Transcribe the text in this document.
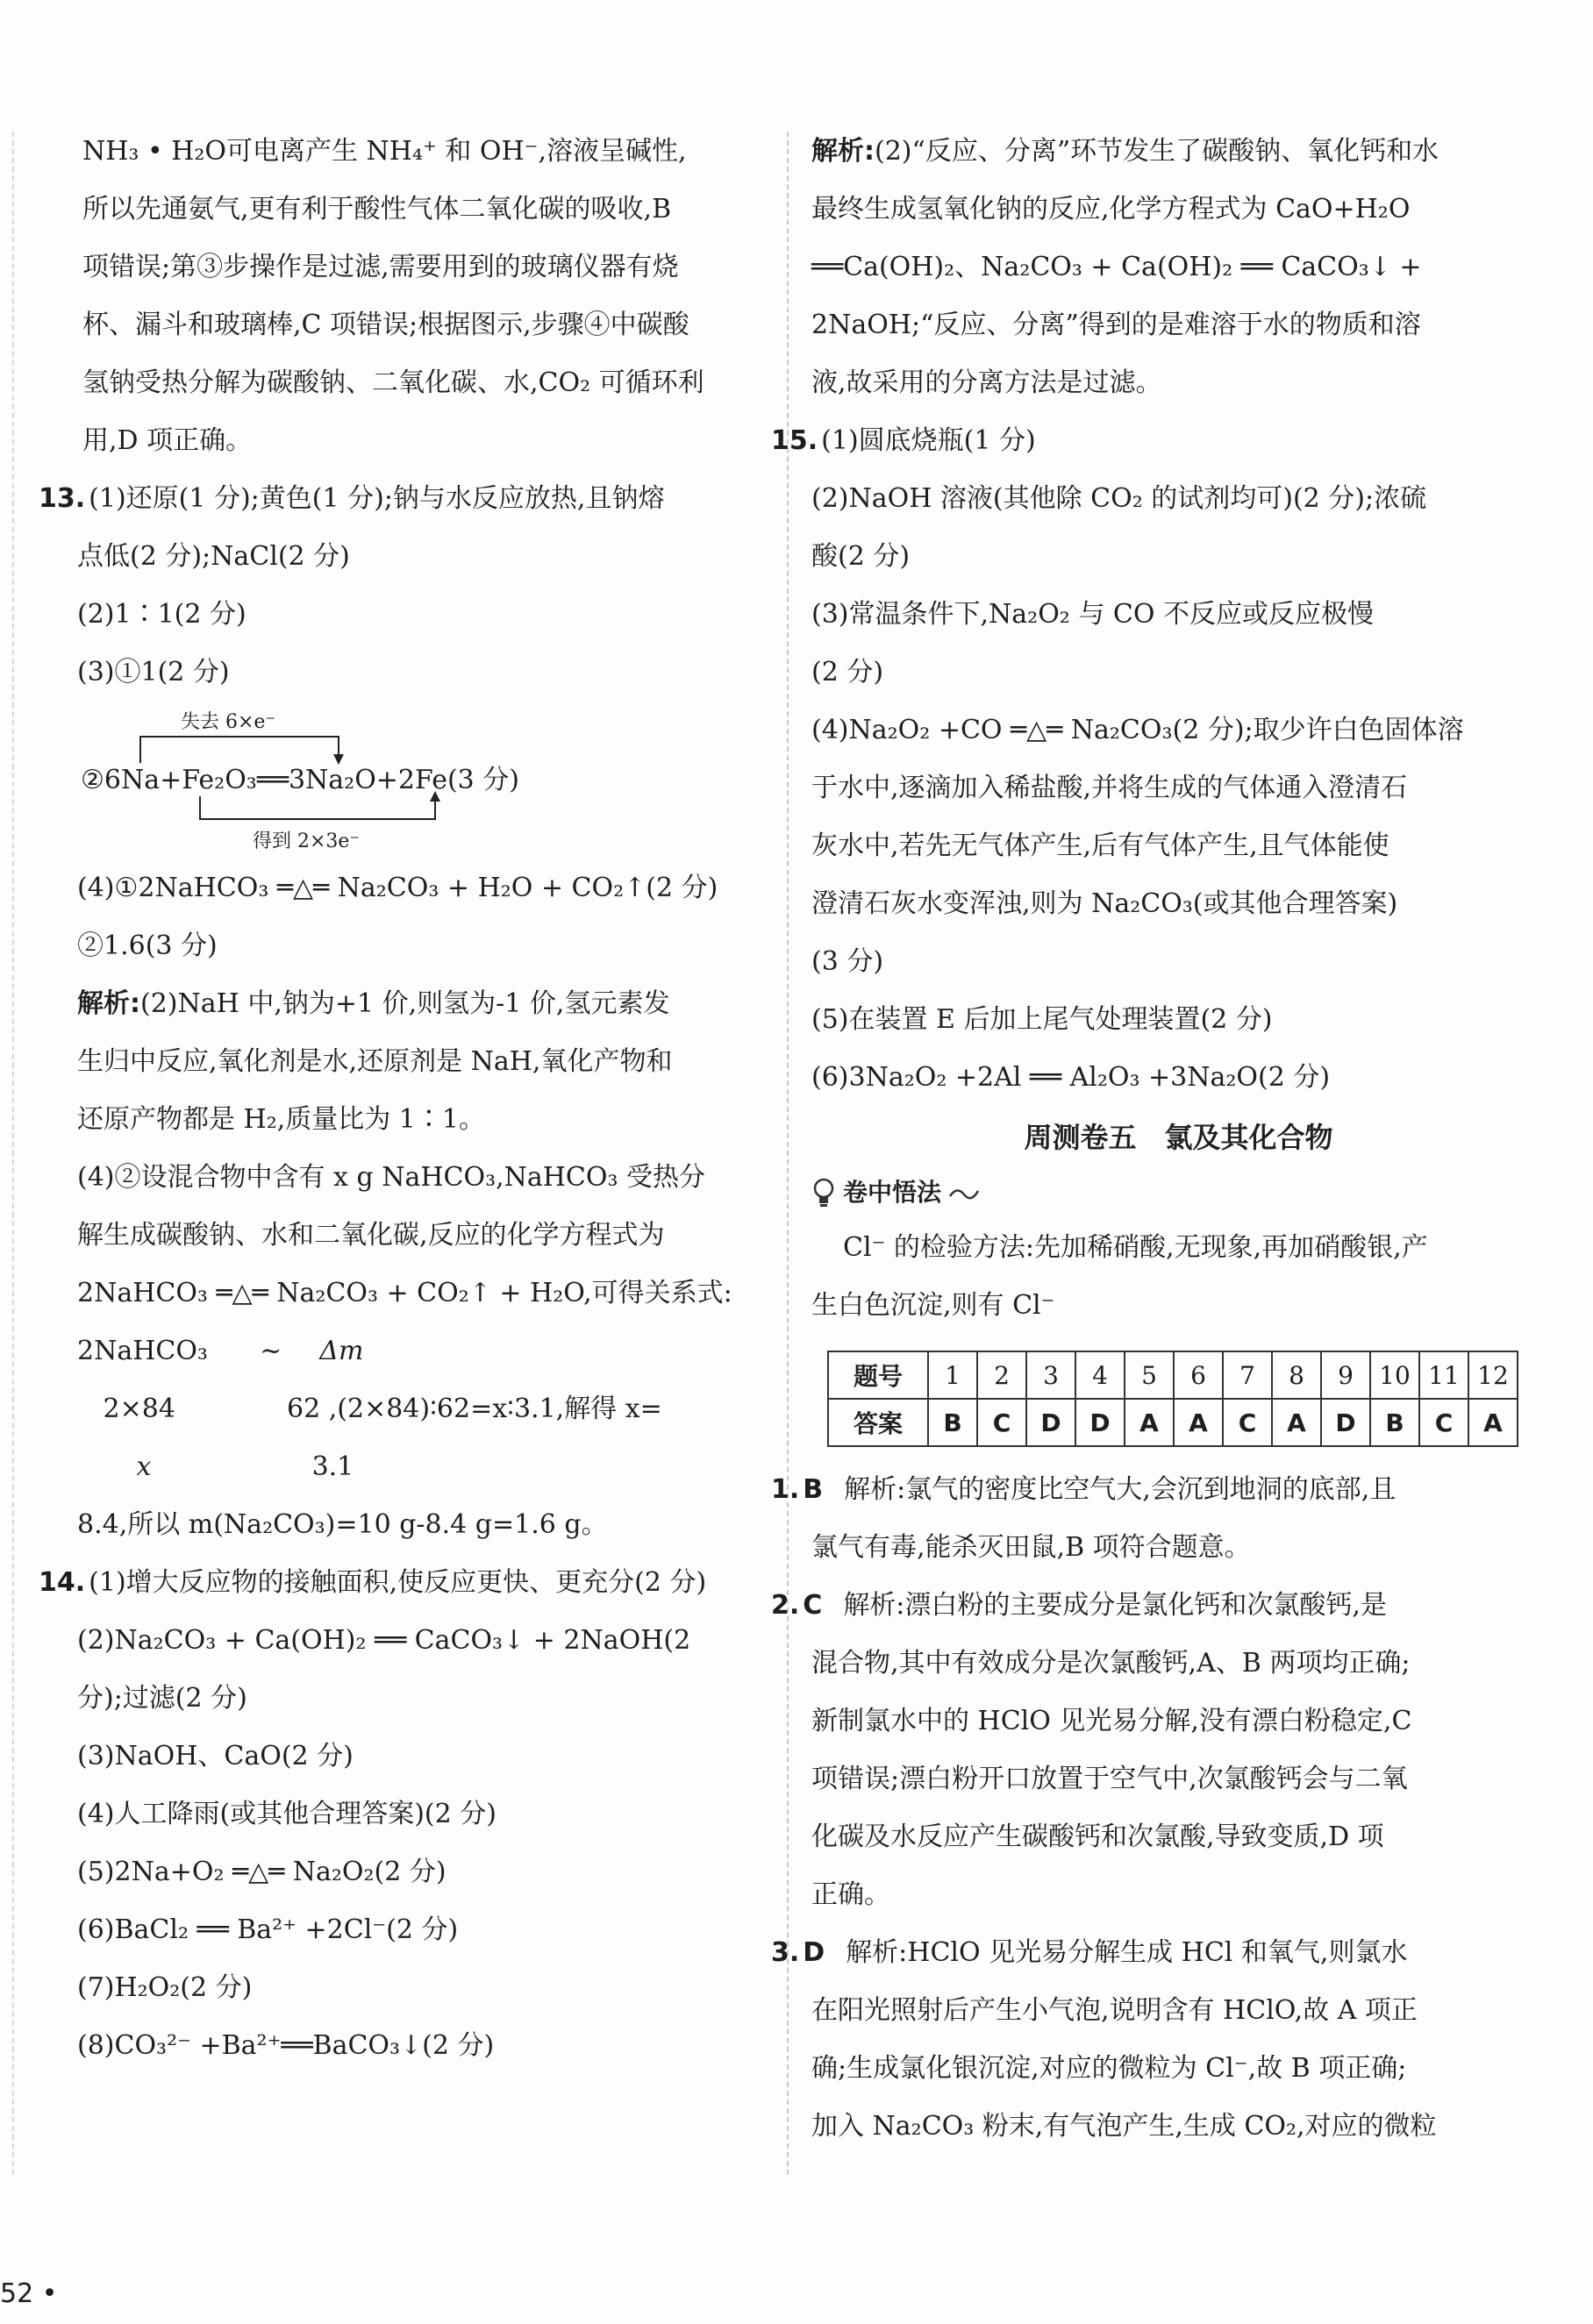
NH₃ • H₂O可电离产生 NH₄⁺ 和 OH⁻,溶液呈碱性,
所以先通氨气,更有利于酸性气体二氧化碳的吸收,B
项错误;第③步操作是过滤,需要用到的玻璃仪器有烧
杯、漏斗和玻璃棒,C 项错误;根据图示,步骤④中碳酸
氢钠受热分解为碳酸钠、二氧化碳、水,CO₂ 可循环利
用,D 项正确。
13. (1)还原(1 分);黄色(1 分);钠与水反应放热,且钠熔
点低(2 分);NaCl(2 分)
(2)1∶1(2 分)
(3)①1(2 分)
失去 6×e⁻
②6Na+Fe₂O₃══3Na₂O+2Fe(3 分)
得到 2×3e⁻
(4)①2NaHCO₃ ═△═ Na₂CO₃ + H₂O + CO₂↑(2 分)
②1.6(3 分)
解析:(2)NaH 中,钠为+1 价,则氢为-1 价,氢元素发
生归中反应,氧化剂是水,还原剂是 NaH,氧化产物和
还原产物都是 H₂,质量比为 1∶1。
(4)②设混合物中含有 x g NaHCO₃,NaHCO₃ 受热分
解生成碳酸钠、水和二氧化碳,反应的化学方程式为
2NaHCO₃ ═△═ Na₂CO₃ + CO₂↑ + H₂O,可得关系式:
2NaHCO₃ ~ Δm
2×84	62 ,(2×84)∶62=x∶3.1,解得 x=
x	3.1
8.4,所以 m(Na₂CO₃)=10 g-8.4 g=1.6 g。
14. (1)增大反应物的接触面积,使反应更快、更充分(2 分)
(2)Na₂CO₃ + Ca(OH)₂ ══ CaCO₃↓ + 2NaOH(2
分);过滤(2 分)
(3)NaOH、CaO(2 分)
(4)人工降雨(或其他合理答案)(2 分)
(5)2Na+O₂ ═△═ Na₂O₂(2 分)
(6)BaCl₂ ══ Ba²⁺ +2Cl⁻(2 分)
(7)H₂O₂(2 分)
(8)CO₃²⁻ +Ba²⁺══BaCO₃↓(2 分)
解析:(2)“反应、分离”环节发生了碳酸钠、氧化钙和水
最终生成氢氧化钠的反应,化学方程式为 CaO+H₂O
══Ca(OH)₂、Na₂CO₃ + Ca(OH)₂ ══ CaCO₃↓ +
2NaOH;“反应、分离”得到的是难溶于水的物质和溶
液,故采用的分离方法是过滤。
15. (1)圆底烧瓶(1 分)
(2)NaOH 溶液(其他除 CO₂ 的试剂均可)(2 分);浓硫
酸(2 分)
(3)常温条件下,Na₂O₂ 与 CO 不反应或反应极慢
(2 分)
(4)Na₂O₂ +CO ═△═ Na₂CO₃(2 分);取少许白色固体溶
于水中,逐滴加入稀盐酸,并将生成的气体通入澄清石
灰水中,若先无气体产生,后有气体产生,且气体能使
澄清石灰水变浑浊,则为 Na₂CO₃(或其他合理答案)
(3 分)
(5)在装置 E 后加上尾气处理装置(2 分)
(6)3Na₂O₂ +2Al ══ Al₂O₃ +3Na₂O(2 分)
周测卷五　氯及其化合物
卷中悟法
Cl⁻ 的检验方法:先加稀硝酸,无现象,再加硝酸银,产
生白色沉淀,则有 Cl⁻
题号	1	2	3	4	5	6	7	8	9	10	11	12
答案	B	C	D	D	A	A	C	A	D	B	C	A
1. B 解析:氯气的密度比空气大,会沉到地洞的底部,且
氯气有毒,能杀灭田鼠,B 项符合题意。
2. C 解析:漂白粉的主要成分是氯化钙和次氯酸钙,是
混合物,其中有效成分是次氯酸钙,A、B 两项均正确;
新制氯水中的 HClO 见光易分解,没有漂白粉稳定,C
项错误;漂白粉开口放置于空气中,次氯酸钙会与二氧
化碳及水反应产生碳酸钙和次氯酸,导致变质,D 项
正确。
3. D 解析:HClO 见光易分解生成 HCl 和氧气,则氯水
在阳光照射后产生小气泡,说明含有 HClO,故 A 项正
确;生成氯化银沉淀,对应的微粒为 Cl⁻,故 B 项正确;
加入 Na₂CO₃ 粉末,有气泡产生,生成 CO₂,对应的微粒
52 •
